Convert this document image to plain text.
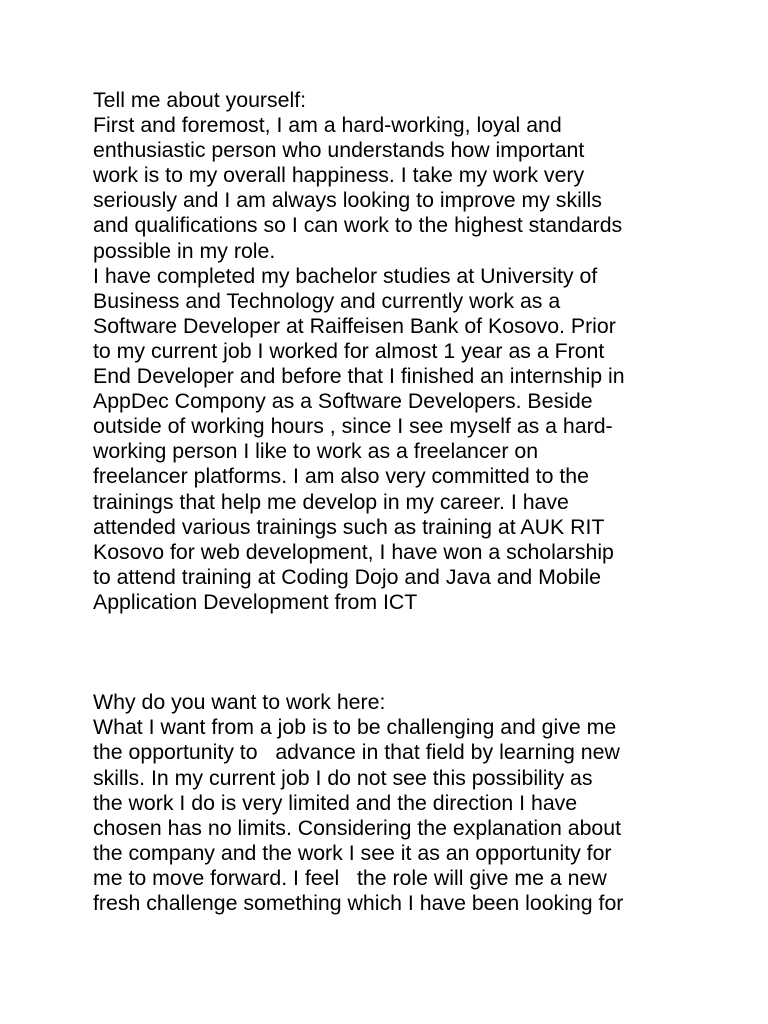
Tell me about yourself:
First and foremost, I am a hard-working, loyal and
enthusiastic person who understands how important
work is to my overall happiness. I take my work very
seriously and I am always looking to improve my skills
and qualifications so I can work to the highest standards
possible in my role.
I have completed my bachelor studies at University of
Business and Technology and currently work as a
Software Developer at Raiffeisen Bank of Kosovo. Prior
to my current job I worked for almost 1 year as a Front
End Developer and before that I finished an internship in
AppDec Compony as a Software Developers. Beside
outside of working hours , since I see myself as a hard-
working person I like to work as a freelancer on
freelancer platforms. I am also very committed to the
trainings that help me develop in my career. I have
attended various trainings such as training at AUK RIT
Kosovo for web development, I have won a scholarship
to attend training at Coding Dojo and Java and Mobile
Application Development from ICT
Why do you want to work here:
What I want from a job is to be challenging and give me
the opportunity to   advance in that field by learning new
skills. In my current job I do not see this possibility as
the work I do is very limited and the direction I have
chosen has no limits. Considering the explanation about
the company and the work I see it as an opportunity for
me to move forward. I feel   the role will give me a new
fresh challenge something which I have been looking for
